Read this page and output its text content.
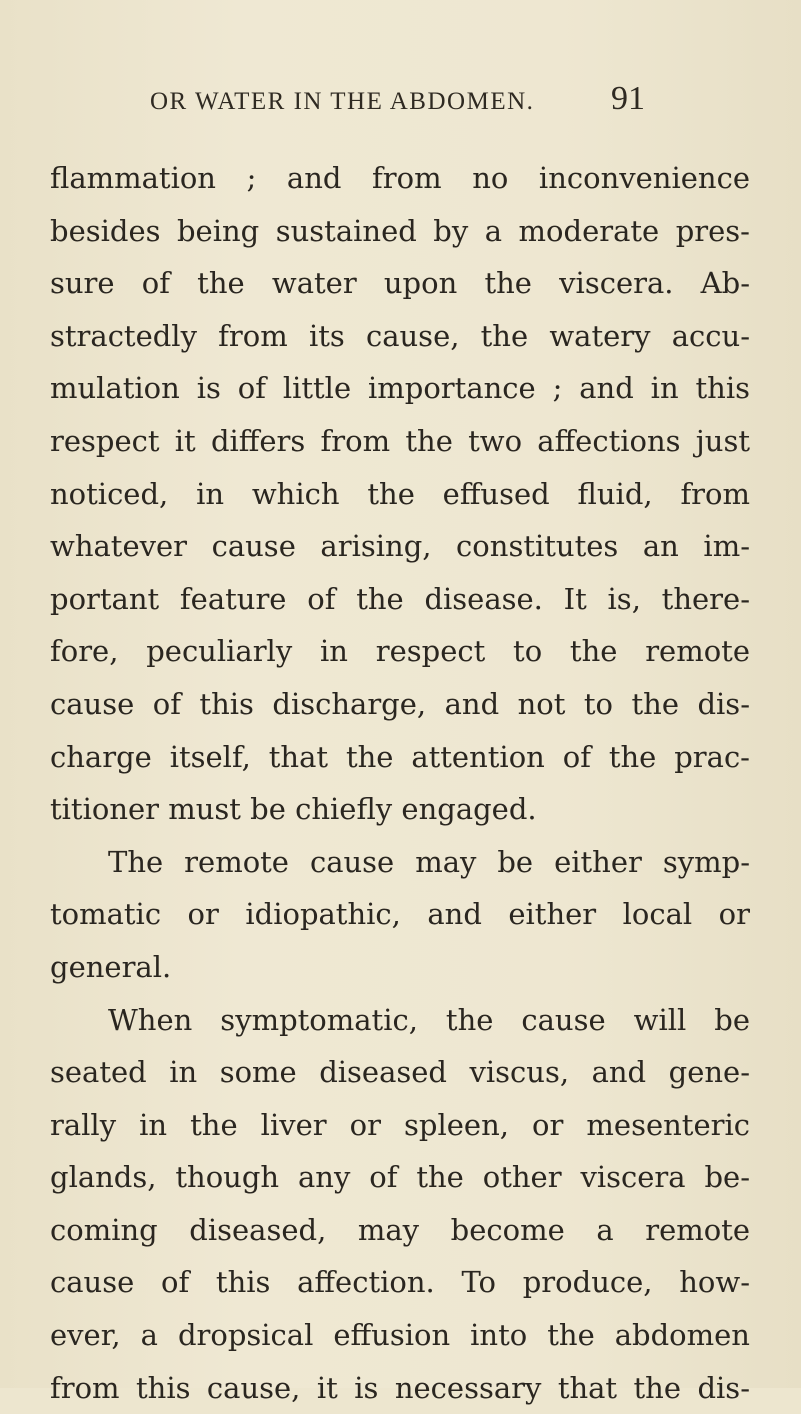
OR WATER IN THE ABDOMEN. 91
flammation ; and from no inconvenience
besides being sustained by a moderate pres-
sure of the water upon the viscera. Ab-
stractedly from its cause, the watery accu-
mulation is of little importance ; and in this
respect it differs from the two affections just
noticed, in which the effused fluid, from
whatever cause arising, constitutes an im-
portant feature of the disease. It is, there-
fore, peculiarly in respect to the remote
cause of this discharge, and not to the dis-
charge itself, that the attention of the prac-
titioner must be chiefly engaged.
The remote cause may be either symp-
tomatic or idiopathic, and either local or
general.
When symptomatic, the cause will be
seated in some diseased viscus, and gene-
rally in the liver or spleen, or mesenteric
glands, though any of the other viscera be-
coming diseased, may become a remote
cause of this affection. To produce, how-
ever, a dropsical effusion into the abdomen
from this cause, it is necessary that the dis-
